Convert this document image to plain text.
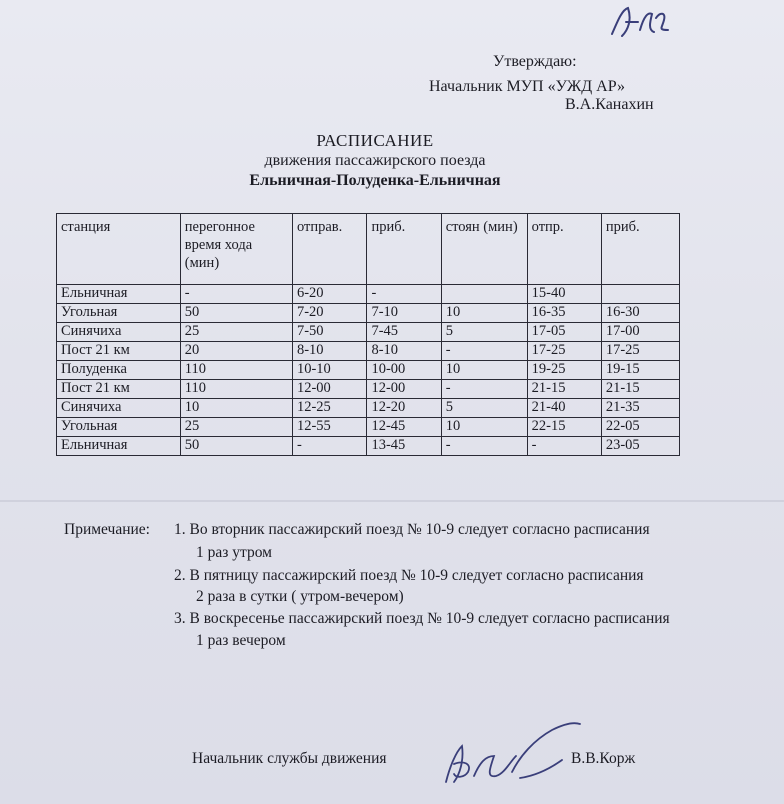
Утверждаю:
Начальник МУП «УЖД АР»
В.А.Канахин
РАСПИСАНИЕ
движения пассажирского поезда
Ельничная-Полуденка-Ельничная
станция	перегонное время хода (мин)	отправ.	приб.	стоян (мин)	отпр.	приб.
Ельничная	-	6-20	-		15-40	
Угольная	50	7-20	7-10	10	16-35	16-30
Синячиха	25	7-50	7-45	5	17-05	17-00
Пост 21 км	20	8-10	8-10	-	17-25	17-25
Полуденка	110	10-10	10-00	10	19-25	19-15
Пост 21 км	110	12-00	12-00	-	21-15	21-15
Синячиха	10	12-25	12-20	5	21-40	21-35
Угольная	25	12-55	12-45	10	22-15	22-05
Ельничная	50	-	13-45	-	-	23-05
Примечание: 1. Во вторник пассажирский поезд № 10-9 следует согласно расписания
1 раз утром
2. В пятницу пассажирский поезд № 10-9 следует согласно расписания
2 раза в сутки ( утром-вечером)
3. В воскресенье пассажирский поезд № 10-9 следует согласно расписания
1 раз вечером
Начальник службы движения	В.В.Корж
